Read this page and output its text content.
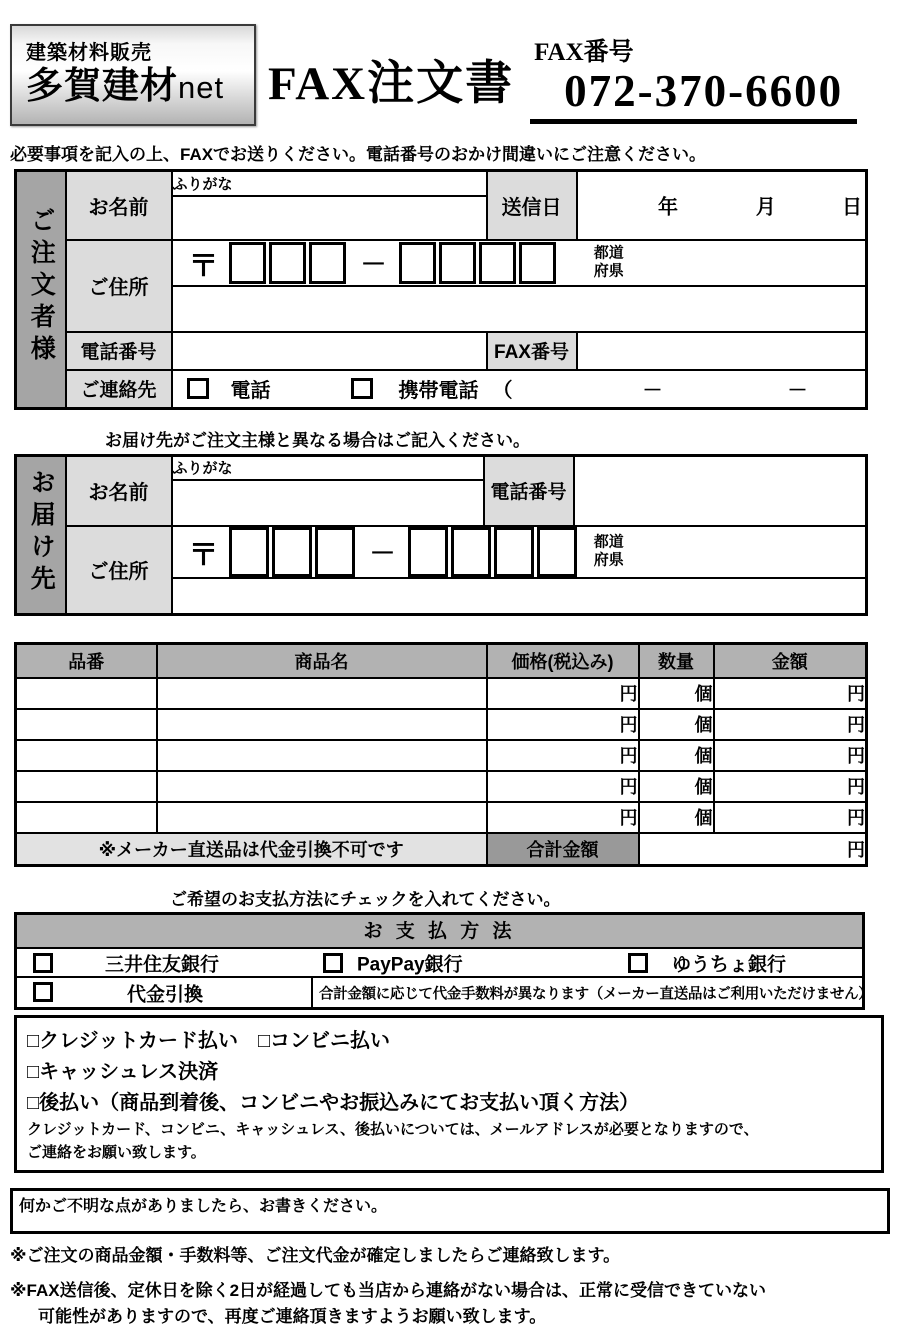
建築材料販売
多賀建材net FAX注文書
FAX番号
072-370-6600
必要事項を記入の上、FAXでお送りください。電話番号のおかけ間違いにご注意ください。
ご注文者様	お名前	ふりがな	送信日	年 月 日

	ご住所	〒 － 都道
府県		

	電話番号		FAX番号	
	ご連絡先	電話 携帯電話 （ － －		
お届け先がご注文主様と異なる場合はご記入ください。
お届け先	お名前	ふりがな	電話番号	

	ご住所	〒 － 都道
府県		

品番	商品名	価格(税込み)	数量	金額
		円	個	円
		円	個	円
		円	個	円
		円	個	円
		円	個	円
※メーカー直送品は代金引換不可です		合計金額	円	
ご希望のお支払方法にチェックを入れてください。
お 支 払 方 法
三井住友銀行	PayPay銀行	ゆうちょ銀行
代金引換	合計金額に応じて代金手数料が異なります（メーカー直送品はご利用いただけません）
□クレジットカード払い　□コンビニ払い
□キャッシュレス決済
□後払い（商品到着後、コンビニやお振込みにてお支払い頂く方法）
クレジットカード、コンビニ、キャッシュレス、後払いについては、メールアドレスが必要となりますので、
ご連絡をお願い致します。
何かご不明な点がありましたら、お書きください。
※ご注文の商品金額・手数料等、ご注文代金が確定しましたらご連絡致します。
※FAX送信後、定休日を除く2日が経過しても当店から連絡がない場合は、正常に受信できていない
可能性がありますので、再度ご連絡頂きますようお願い致します。
